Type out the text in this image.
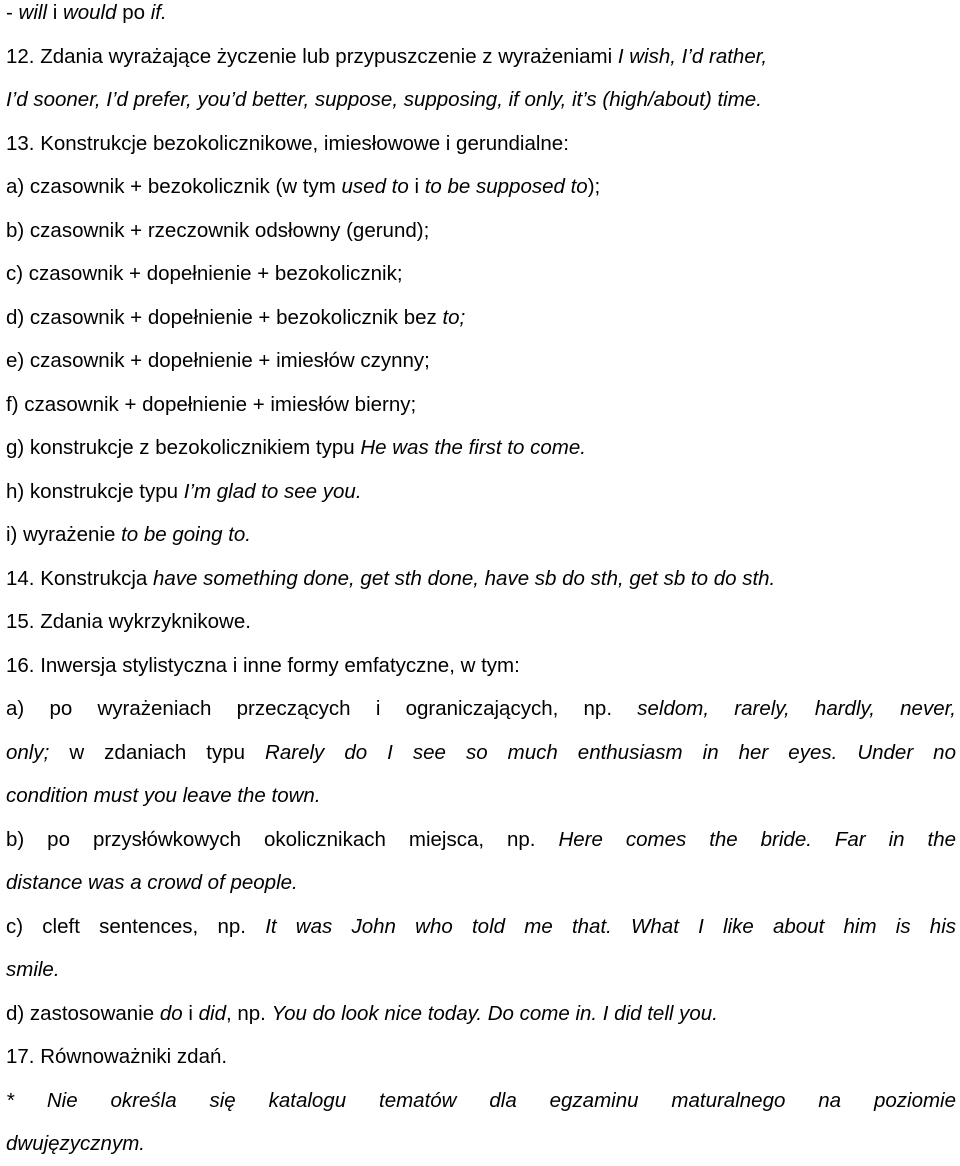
- will i would po if.

12. Zdania wyrażające życzenie lub przypuszczenie z wyrażeniami I wish, I’d rather,

I’d sooner, I’d prefer, you’d better, suppose, supposing, if only, it’s (high/about) time.

13. Konstrukcje bezokolicznikowe, imiesłowowe i gerundialne:

a) czasownik + bezokolicznik (w tym used to i to be supposed to);

b) czasownik + rzeczownik odsłowny (gerund);

c) czasownik + dopełnienie + bezokolicznik;

d) czasownik + dopełnienie + bezokolicznik bez to;

e) czasownik + dopełnienie + imiesłów czynny;

f) czasownik + dopełnienie + imiesłów bierny;

g) konstrukcje z bezokolicznikiem typu He was the first to come.

h) konstrukcje typu I’m glad to see you.

i) wyrażenie to be going to.

14. Konstrukcja have something done, get sth done, have sb do sth, get sb to do sth.

15. Zdania wykrzyknikowe.

16. Inwersja stylistyczna i inne formy emfatyczne, w tym:

a) po wyrażeniach przeczących i ograniczających, np. seldom, rarely, hardly, never,
only; w zdaniach typu Rarely do I see so much enthusiasm in her eyes. Under no
condition must you leave the town.
b) po przysłówkowych okolicznikach miejsca, np. Here comes the bride. Far in the
distance was a crowd of people.
c) cleft sentences, np. It was John who told me that. What I like about him is his
smile.
d) zastosowanie do i did, np. You do look nice today. Do come in. I did tell you.

17. Równoważniki zdań.

* Nie określa się katalogu tematów dla egzaminu maturalnego na poziomie
dwujęzycznym.
